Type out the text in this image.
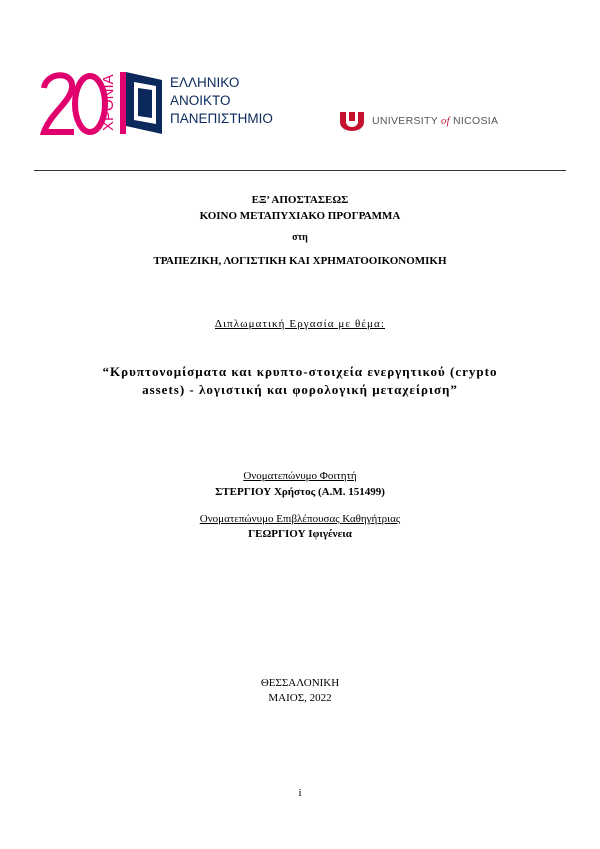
ΧΡΟΝΙΑ	ΕΛΛΗΝΙΚΟ
ΑΝΟΙΚΤΟ
ΠΑΝΕΠΙΣΤΗΜΙΟ	UNIVERSITY of NICOSIA
ΕΞ’ ΑΠΟΣΤΑΣΕΩΣ
ΚΟΙΝΟ ΜΕΤΑΠΥΧΙΑΚΟ ΠΡΟΓΡΑΜΜΑ
στη
ΤΡΑΠΕΖΙΚΗ, ΛΟΓΙΣΤΙΚΗ ΚΑΙ ΧΡΗΜΑΤΟΟΙΚΟΝΟΜΙΚΗ
Διπλωματική Εργασία με θέμα:
“Κρυπτονομίσματα και κρυπτο-στοιχεία ενεργητικού (crypto
assets) - λογιστική και φορολογική μεταχείριση”
Ονοματεπώνυμο Φοιτητή
ΣΤΕΡΓΙΟΥ Χρήστος (Α.Μ. 151499)
Ονοματεπώνυμο Επιβλέπουσας Καθηγήτριας
ΓΕΩΡΓΙΟΥ Ιφιγένεια
ΘΕΣΣΑΛΟΝΙΚΗ
ΜΑΙΟΣ, 2022
i
